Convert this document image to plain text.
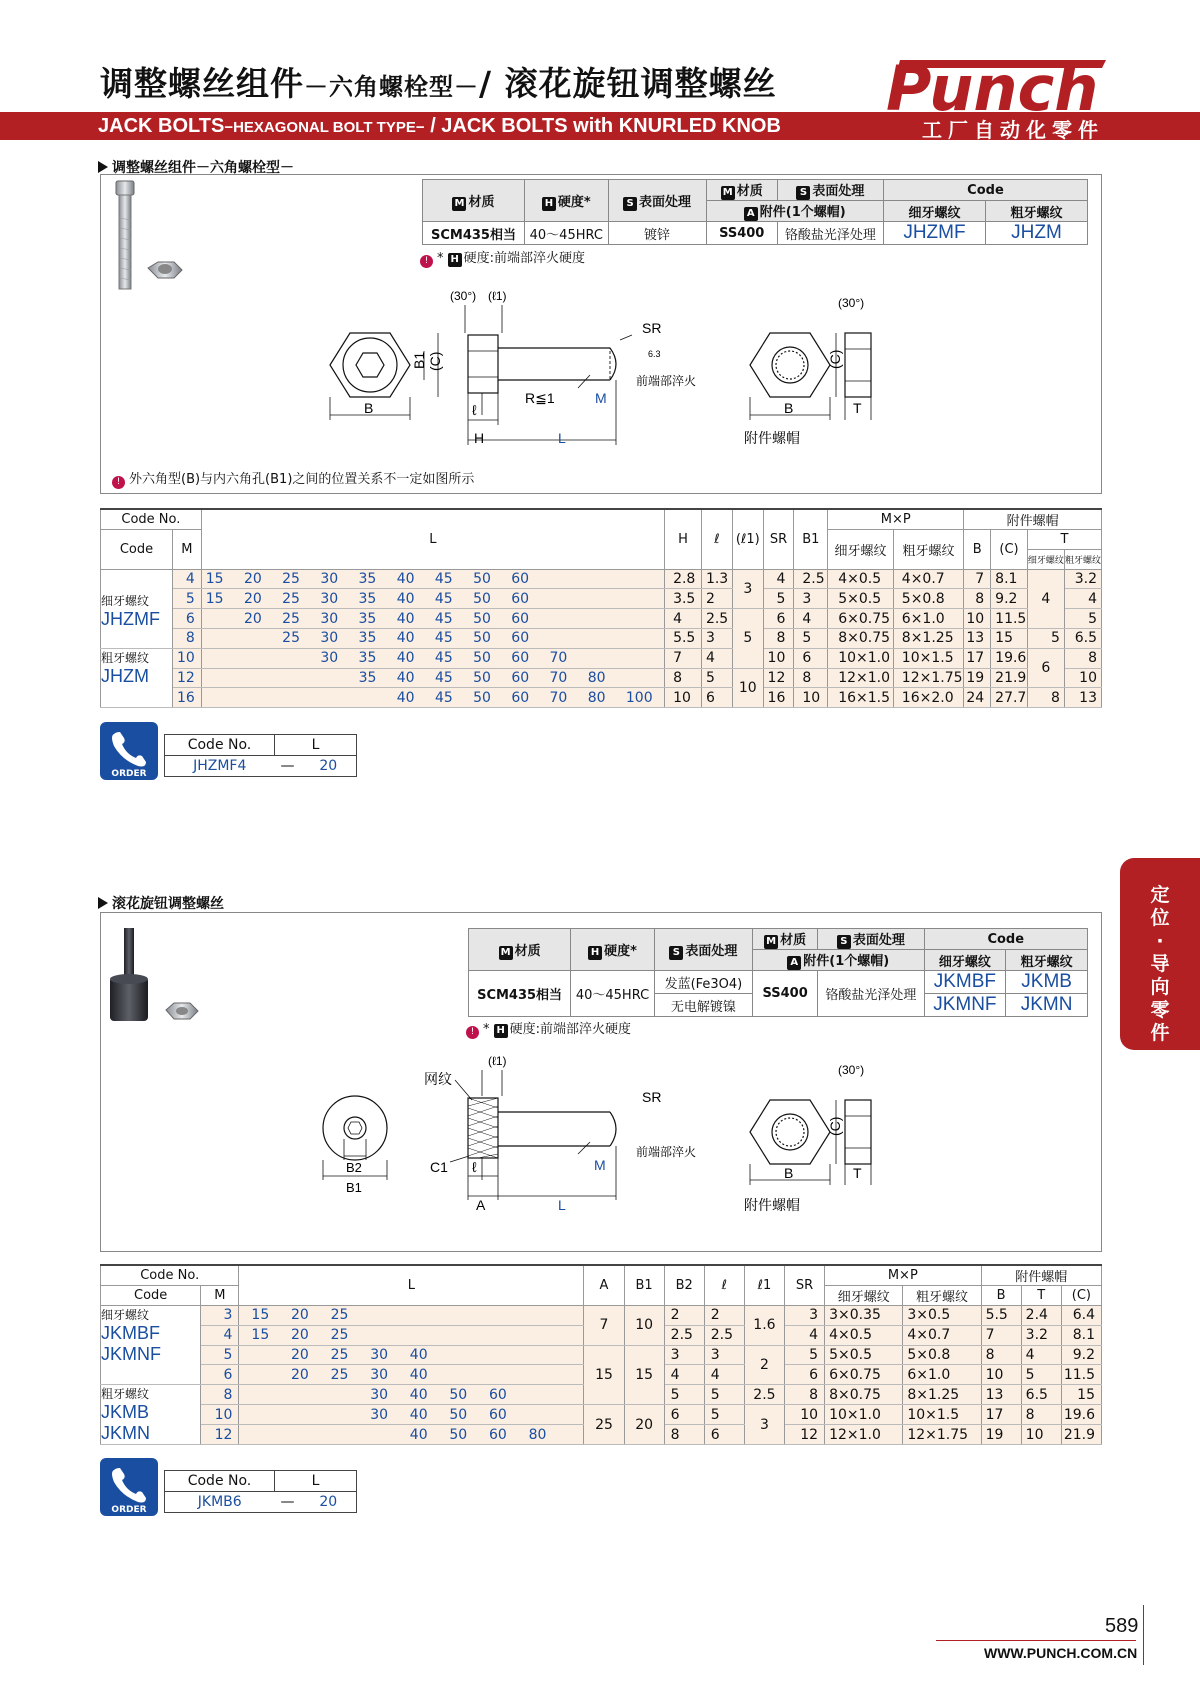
调整螺丝组件－六角螺栓型－/ 滚花旋钮调整螺丝
JACK BOLTS−HEXAGONAL BOLT TYPE− / JACK BOLTS with KNURLED KNOB
Punch
工厂自动化零件
调整螺丝组件－六角螺栓型－
M 材质	H 硬度*	S 表面处理	M 材质	S 表面处理	Code	
			A 附件(1个螺帽)		细牙螺纹	粗牙螺纹
SCM435相当	40～45HRC	镀锌	SS400	铬酸盐光泽处理	JHZMF	JHZM
! * H 硬度:前端部淬火硬度
B
B1 (C)
(30°) (ℓ1)
SR
6.3
前端部淬火
R≦1	M
ℓ
H	L
(30°)
(C)
B	T
附件螺帽
! 外六角型(B)与内六角孔(B1)之间的位置关系不一定如图所示
Code No.		L	H	ℓ	(ℓ1)	SR	B1	M×P		附件螺帽			
Code	M							细牙螺纹	粗牙螺纹	B	(C)	T	
												细牙螺纹	粗牙螺纹

细牙螺纹
JHZMF	4	15 20 25 30 35 40 45 50 60	2.8	1.3	3	4	2.5	4×0.5	4×0.7	7	8.1	4	3.2
	5	15 20 25 30 35 40 45 50 60	3.5	2		5	3	5×0.5	5×0.8	8	9.2		4
	6	20 25 30 35 40 45 50 60	4	2.5	5	6	4	6×0.75	6×1.0	10	11.5		5
	8	25 30 35 40 45 50 60	5.5	3		8	5	8×0.75	8×1.25	13	15	5	6.5

粗牙螺纹
JHZM	10	30 35 40 45 50 60 70	7	4		10	6	10×1.0	10×1.5	17	19.6	6	8
	12	35 40 45 50 60 70 80	8	5	10	12	8	12×1.0	12×1.75	19	21.9		10
	16	40 45 50 60 70 80 100	10	6		16	10	16×1.5	16×2.0	24	27.7	8	13
ORDER
Code No.	L	
JHZMF4	—	20
滚花旋钮调整螺丝
M 材质	H 硬度*	S 表面处理	M 材质	S 表面处理	Code	
			A 附件(1个螺帽)		细牙螺纹	粗牙螺纹
SCM435相当	40～45HRC	发蓝(Fe3O4)	SS400	铬酸盐光泽处理	JKMBF	JKMB
		无电解镀镍			JKMNF	JKMN
! * H 硬度:前端部淬火硬度
B2
B1
网纹
(ℓ1)
SR
前端部淬火
C1	M
ℓ
A	L
(30°)
(C)
B	T
附件螺帽
Code No.		L	A	B1	B2	ℓ	ℓ1	SR	M×P		附件螺帽		
Code	M								细牙螺纹	粗牙螺纹	B	T	(C)

细牙螺纹
JKMBF
JKMNF	3	15 20 25	7	10	2	2	1.6	3	3×0.35	3×0.5	5.5	2.4	6.4
	4	15 20 25			2.5	2.5		4	4×0.5	4×0.7	7	3.2	8.1
	5	20 25 30 40	15	15	3	3	2	5	5×0.5	5×0.8	8	4	9.2
	6	20 25 30 40			4	4		6	6×0.75	6×1.0	10	5	11.5

粗牙螺纹
JKMB
JKMN	8	30 40 50 60			5	5	2.5	8	8×0.75	8×1.25	13	6.5	15
	10	30 40 50 60	25	20	6	5	3	10	10×1.0	10×1.5	17	8	19.6
	12	40 50 60 80			8	6		12	12×1.0	12×1.75	19	10	21.9
ORDER
Code No.	L	
JKMB6	—	20
定位·导向零件
589
WWW.PUNCH.COM.CN
